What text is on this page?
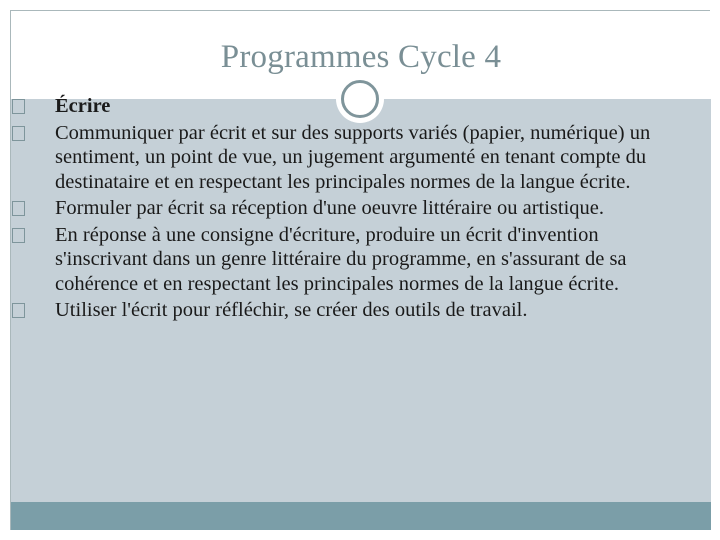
Programmes Cycle 4
Écrire
Communiquer par écrit et sur des supports variés (papier, numérique) un sentiment, un point de vue, un jugement argumenté en tenant compte du destinataire et en respectant les principales normes de la langue écrite.
Formuler par écrit sa réception d'une oeuvre littéraire ou artistique.
En réponse à une consigne d'écriture, produire un écrit d'invention s'inscrivant dans un genre littéraire du programme, en s'assurant de sa cohérence et en respectant les principales normes de la langue écrite.
Utiliser l'écrit pour réfléchir, se créer des outils de travail.
